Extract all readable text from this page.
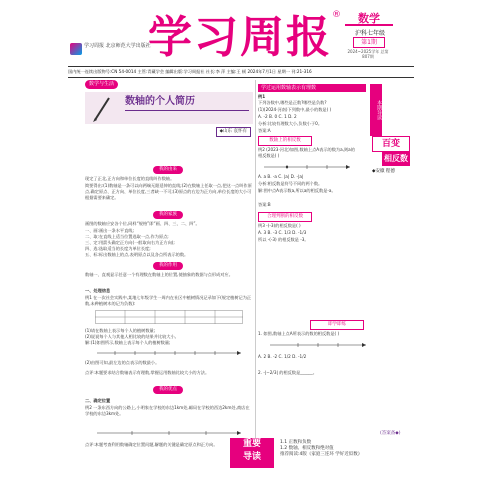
学习周报 北京师范大学出版社
学习周报 ®	数学
沪科七年级
第1期
2024~2025学年 总第807期
国内统一连续出版物号:CN 54-0014 主管:青藏学会 编辑出版:学习周报社 社长:李 萍 主编:王 顿 2024年7月1日 星期一 刊:21-316
数学与生活
数轴的个人简历
◆山东 袁怀有
我的由来

现定了正北,正方向和单位长度的直线叫作数轴。

简要得出:(1)数轴是一条可以向两端无限延伸的直线;(2)在数轴上任取一点,把这一点叫作原点,确定原点、正方向、单位长度,三者缺一不可;(3)原点的右边为正方向,单位长度的大小可根据需要来确定。

我的家族

画图的数轴应安各个位,同样“规格”即“画、四、三、二、四”。

一、画:画出一条水平直线;

二、取:在直线上适当位置选取一点,作为原点;

三、定:用箭头确定正方向(一般取向右为正方向);

四、选:选取适当的长度为单位长度;

五、标:标出数轴上的点,表明原点以及各点所表示的数。

我的作用

数轴一、直观显示任意一个有理数在数轴上的位置,使抽象的数据与点形成对应。

一、处理信息

例1 在一次社会实践中,某地七年级学生一周内在社区中植树情况记录如下(规定植树记为正数,未种植树木的记为负数):

(1)请在数轴上表示每个人的植树数量;

(2)说说每个人与其他人相比较的结果并比较大小。

解:(1)如图所示,数轴上表示每个人的植树数量;

(2)由图可知,最左边的点表示的数最小。

点评:本题要求结合数轴表示有理数,掌握运用数轴比较大小的方法。

我的优点

二、确定位置

例2 一条东西方向的公路上,小明家在学校的东边1km处,邮局在学校的西边2km处,商店在学校的东边3km处。

点评:本题考查利用数轴确定位置问题,解题的关键是确定原点和正方向。

学过运用数轴表示有理数

例1

下列各数中,哪些是正数?哪些是负数?

(1)(2024·河南)下列数中,最小的数是( )

A. -2 B. 0 C. 1 D. 2

分析:比较有理数大小,负数小于0。

答案:A

数轴上的相反数

例2 (2023·河北)如图,数轴上点A表示的数为a,则a的相反数是( )

A. a B. -a C. |a| D. -|a|

分析:相反数是符号不同的两个数。

解:图中点A表示数a,所以a的相反数是-a。

答案:B

合理判断的相反数

例3 -(-3)的相反数是( )

A. 3 B. -3 C. 1/3 D. -1/3

所以 -(-3) 的相反数是 -3。

即学即练

1. 如图,数轴上点A所表示的数的相反数是( )

A. 2 B. -2 C. 1/2 D. -1/2

2. -|−2/3| 的相反数是______。

本期导读
百变
相反数
◆安徽 程德
(答案备◆)
重要
导读
1.1 正数和负数
1.2 数轴、相反数和绝对值
推荐阅读:4版《家庭三连环 学好近似数》
